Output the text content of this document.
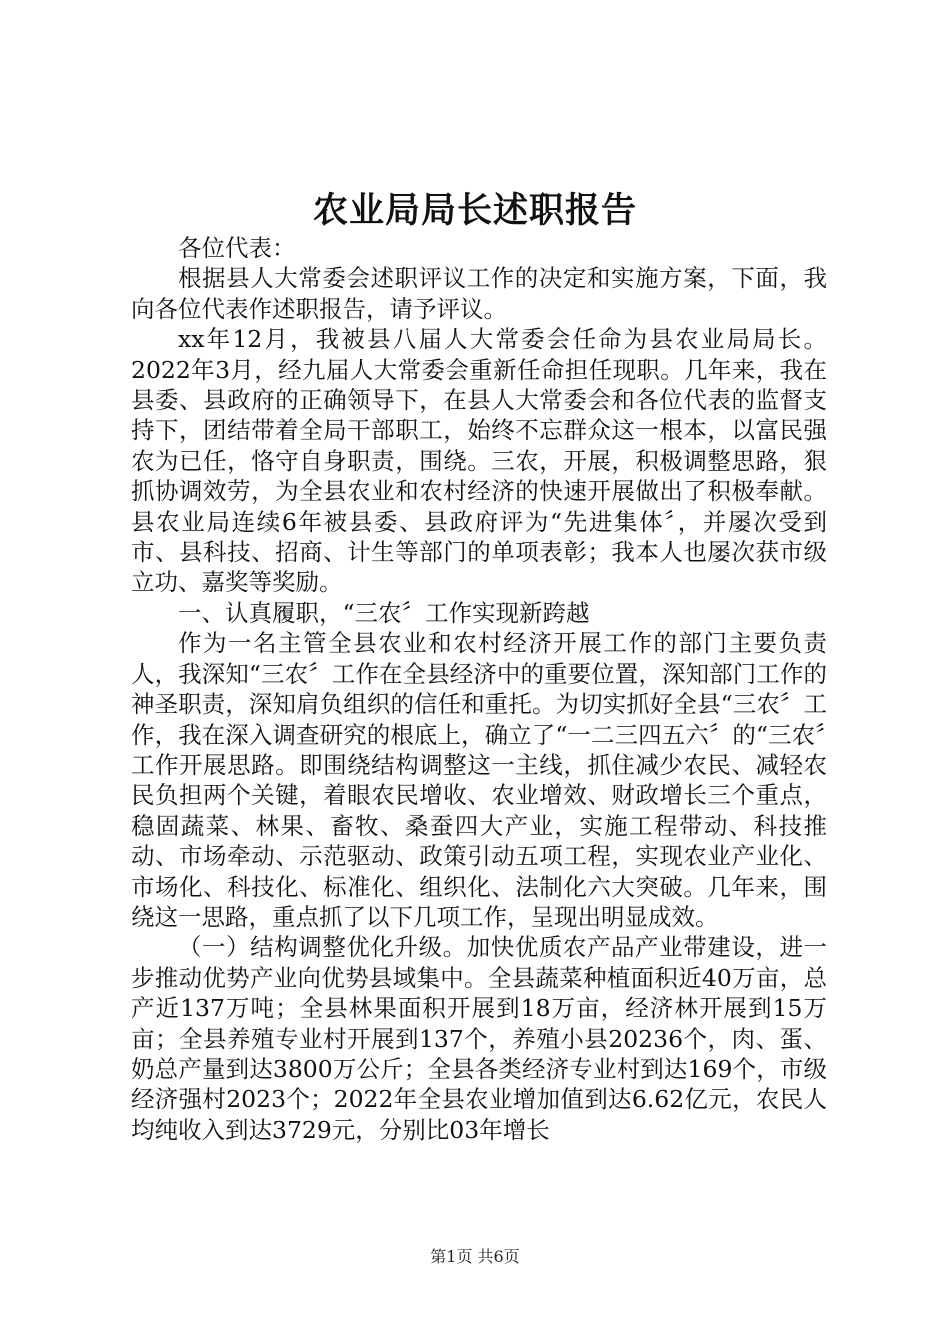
农业局局长述职报告

各位代表：

根据县人大常委会述职评议工作的决定和实施方案，下面，我向各位代表作述职报告，请予评议。

xx年12月，我被县八届人大常委会任命为县农业局局长。2022年3月，经九届人大常委会重新任命担任现职。几年来，我在县委、县政府的正确领导下，在县人大常委会和各位代表的监督支持下，团结带着全局干部职工，始终不忘群众这一根本，以富民强农为已任，恪守自身职责，围绕。三农，开展，积极调整思路，狠抓协调效劳，为全县农业和农村经济的快速开展做出了积极奉献。县农业局连续6年被县委、县政府评为“先进集体〞，并屡次受到市、县科技、招商、计生等部门的单项表彰；我本人也屡次获市级立功、嘉奖等奖励。

一、认真履职，“三农〞工作实现新跨越

作为一名主管全县农业和农村经济开展工作的部门主要负责人，我深知“三农〞工作在全县经济中的重要位置，深知部门工作的神圣职责，深知肩负组织的信任和重托。为切实抓好全县“三农〞工作，我在深入调查研究的根底上，确立了“一二三四五六〞的“三农〞工作开展思路。即围绕结构调整这一主线，抓住减少农民、减轻农民负担两个关键，着眼农民增收、农业增效、财政增长三个重点，稳固蔬菜、林果、畜牧、桑蚕四大产业，实施工程带动、科技推动、市场牵动、示范驱动、政策引动五项工程，实现农业产业化、市场化、科技化、标准化、组织化、法制化六大突破。几年来，围绕这一思路，重点抓了以下几项工作，呈现出明显成效。

（一）结构调整优化升级。加快优质农产品产业带建设，进一步推动优势产业向优势县域集中。全县蔬菜种植面积近40万亩，总产近137万吨；全县林果面积开展到18万亩，经济林开展到15万亩；全县养殖专业村开展到137个，养殖小县20236个，肉、蛋、奶总产量到达3800万公斤；全县各类经济专业村到达169个，市级经济强村2023个；2022年全县农业增加值到达6.62亿元，农民人均纯收入到达3729元，分别比03年增长

第1页 共6页
